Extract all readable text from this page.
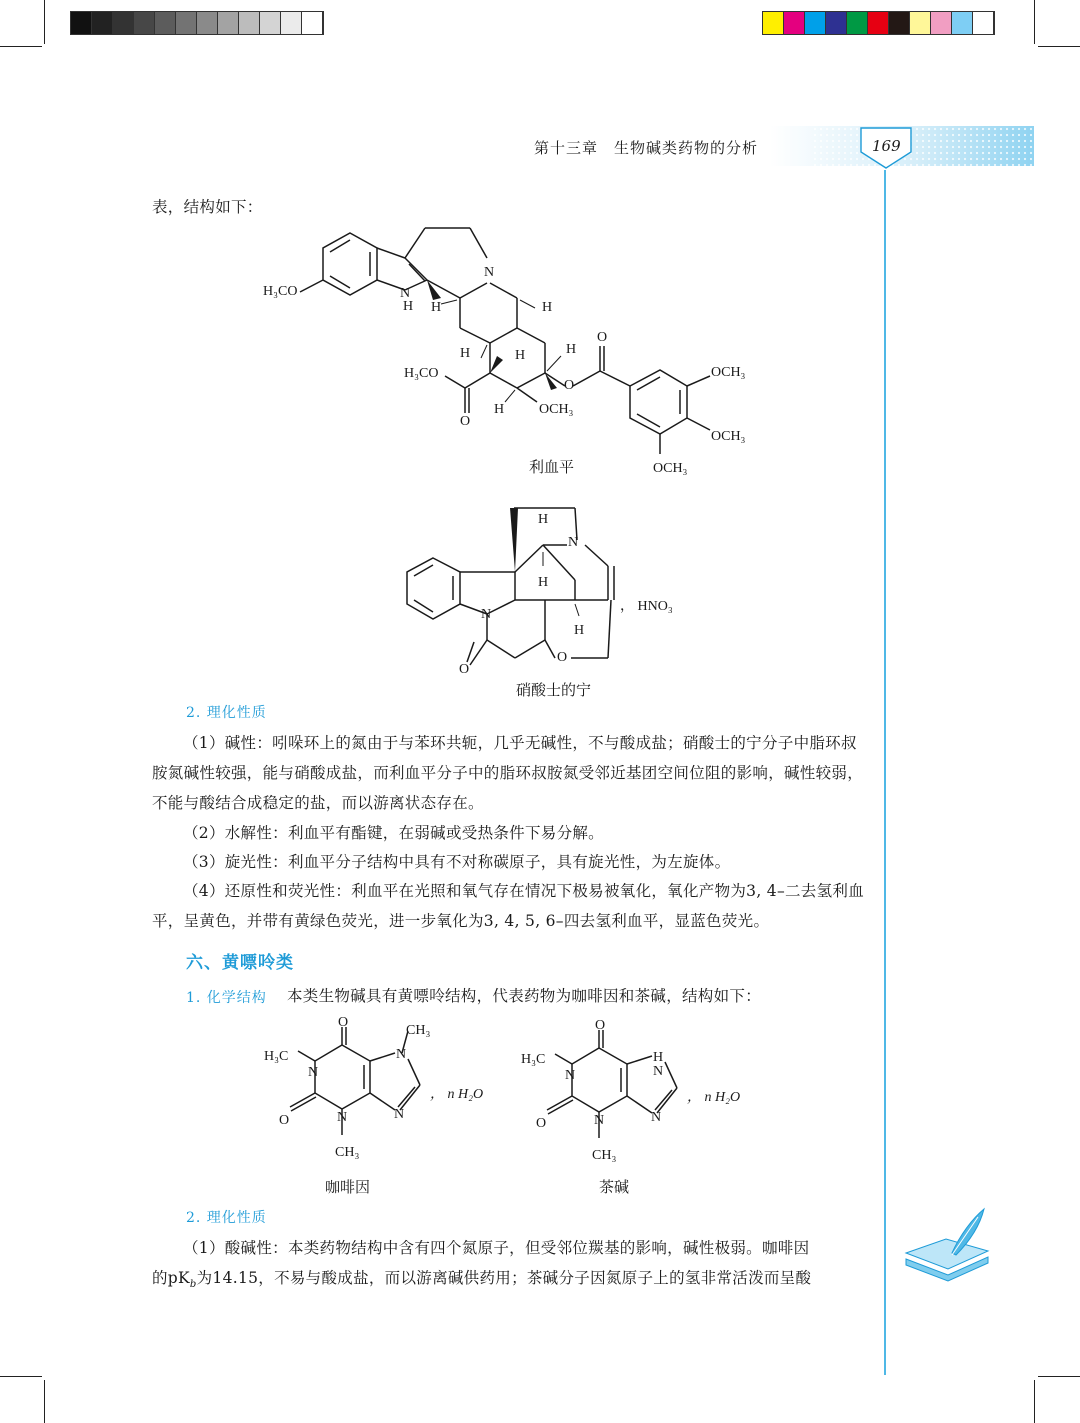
第十三章 生物碱类药物的分析	169
表，结构如下：
H₃CO	N
H H
N
H
H	H	H
H₃CO
O
H OCH₃
O
O
OCH₃
OCH₃
OCH₃
利血平
H
N
H
H
N
O
O
， HNO₃
硝酸士的宁
2. 理化性质
（1）碱性：吲哚环上的氮由于与苯环共轭，几乎无碱性，不与酸成盐；硝酸士的宁分子中脂环叔胺氮碱性较强，能与硝酸成盐，而利血平分子中的脂环叔胺氮受邻近基团空间位阻的影响，碱性较弱，不能与酸结合成稳定的盐，而以游离状态存在。
（2）水解性：利血平有酯键，在弱碱或受热条件下易分解。
（3）旋光性：利血平分子结构中具有不对称碳原子，具有旋光性，为左旋体。
（4）还原性和荧光性：利血平在光照和氧气存在情况下极易被氧化，氧化产物为3, 4–二去氢利血平，呈黄色，并带有黄绿色荧光，进一步氧化为3, 4, 5, 6–四去氢利血平，显蓝色荧光。
六、黄嘌呤类
1. 化学结构 本类生物碱具有黄嘌呤结构，代表药物为咖啡因和茶碱，结构如下：
O
CH₃
H₃C
N
N
N
O	N
CH₃
， n H₂O
咖啡因
O
H₃C	H
N
N
N
O	N
CH₃
， n H₂O
茶碱
2. 理化性质
（1）酸碱性：本类药物结构中含有四个氮原子，但受邻位羰基的影响，碱性极弱。咖啡因
的$pK_b$为14.15，不易与酸成盐，而以游离碱供药用；茶碱分子因氮原子上的氢非常活泼而呈酸
